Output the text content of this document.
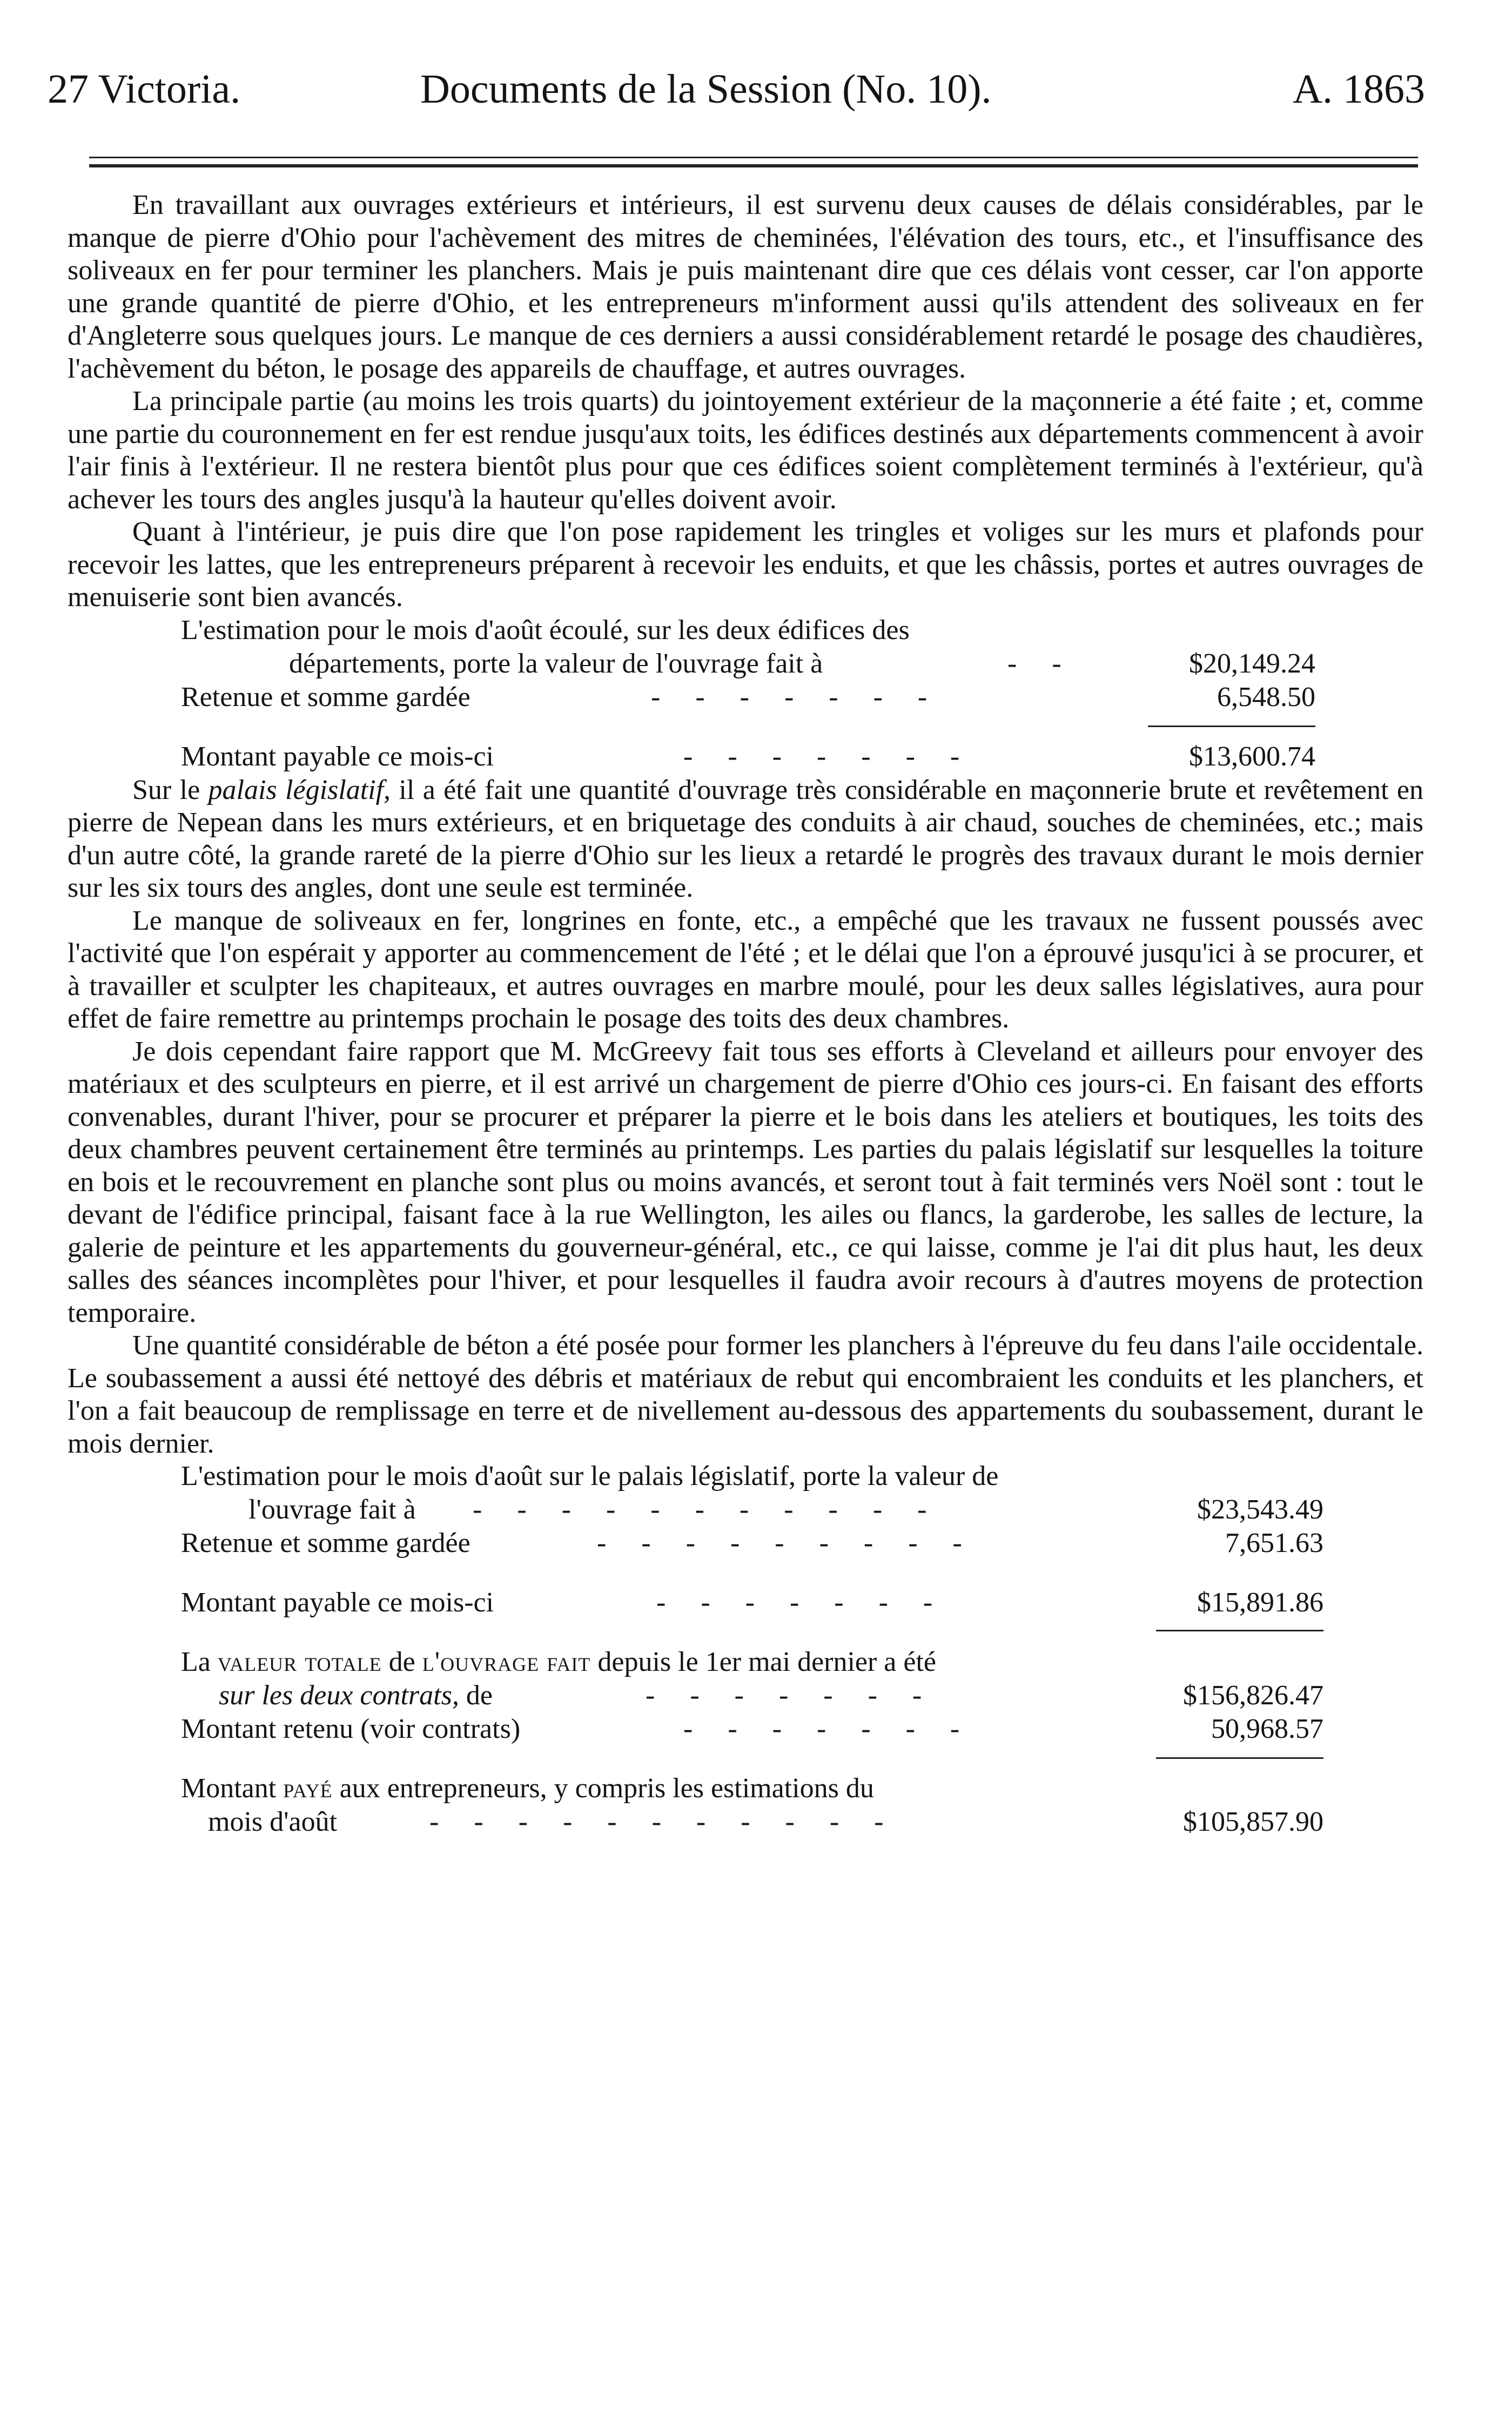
27 Victoria.	Documents de la Session (No. 10).	A. 1863

En travaillant aux ouvrages extérieurs et intérieurs, il est survenu deux causes de délais considérables, par le manque de pierre d'Ohio pour l'achèvement des mitres de cheminées, l'élévation des tours, etc., et l'insuffisance des soliveaux en fer pour terminer les planchers. Mais je puis maintenant dire que ces délais vont cesser, car l'on apporte une grande quantité de pierre d'Ohio, et les entrepreneurs m'informent aussi qu'ils attendent des soliveaux en fer d'Angleterre sous quelques jours. Le manque de ces derniers a aussi considérablement retardé le posage des chaudières, l'achèvement du béton, le posage des appareils de chauffage, et autres ouvrages.

La principale partie (au moins les trois quarts) du jointoyement extérieur de la maçonnerie a été faite ; et, comme une partie du couronnement en fer est rendue jusqu'aux toits, les édifices destinés aux départements commencent à avoir l'air finis à l'extérieur. Il ne restera bientôt plus pour que ces édifices soient complètement terminés à l'extérieur, qu'à achever les tours des angles jusqu'à la hauteur qu'elles doivent avoir.

Quant à l'intérieur, je puis dire que l'on pose rapidement les tringles et voliges sur les murs et plafonds pour recevoir les lattes, que les entrepreneurs préparent à recevoir les enduits, et que les châssis, portes et autres ouvrages de menuiserie sont bien avancés.

L'estimation pour le mois d'août écoulé, sur les deux édifices des
départements, porte la valeur de l'ouvrage fait à	- -	$20,149.24
Retenue et somme gardée	- - - - - - -	6,548.50
Montant payable ce mois-ci	- - - - - - -	$13,600.74

Sur le palais législatif, il a été fait une quantité d'ouvrage très considérable en maçonnerie brute et revêtement en pierre de Nepean dans les murs extérieurs, et en briquetage des conduits à air chaud, souches de cheminées, etc.; mais d'un autre côté, la grande rareté de la pierre d'Ohio sur les lieux a retardé le progrès des travaux durant le mois dernier sur les six tours des angles, dont une seule est terminée.

Le manque de soliveaux en fer, longrines en fonte, etc., a empêché que les travaux ne fussent poussés avec l'activité que l'on espérait y apporter au commencement de l'été ; et le délai que l'on a éprouvé jusqu'ici à se procurer, et à travailler et sculpter les chapiteaux, et autres ouvrages en marbre moulé, pour les deux salles législatives, aura pour effet de faire remettre au printemps prochain le posage des toits des deux chambres.

Je dois cependant faire rapport que M. McGreevy fait tous ses efforts à Cleveland et ailleurs pour envoyer des matériaux et des sculpteurs en pierre, et il est arrivé un chargement de pierre d'Ohio ces jours-ci. En faisant des efforts convenables, durant l'hiver, pour se procurer et préparer la pierre et le bois dans les ateliers et boutiques, les toits des deux chambres peuvent certainement être terminés au printemps. Les parties du palais législatif sur lesquelles la toiture en bois et le recouvrement en planche sont plus ou moins avancés, et seront tout à fait terminés vers Noël sont : tout le devant de l'édifice principal, faisant face à la rue Wellington, les ailes ou flancs, la garderobe, les salles de lecture, la galerie de peinture et les appartements du gouverneur-général, etc., ce qui laisse, comme je l'ai dit plus haut, les deux salles des séances incomplètes pour l'hiver, et pour lesquelles il faudra avoir recours à d'autres moyens de protection temporaire.

Une quantité considérable de béton a été posée pour former les planchers à l'épreuve du feu dans l'aile occidentale. Le soubassement a aussi été nettoyé des débris et matériaux de rebut qui encombraient les conduits et les planchers, et l'on a fait beaucoup de remplissage en terre et de nivellement au-dessous des appartements du soubassement, durant le mois dernier.

L'estimation pour le mois d'août sur le palais législatif, porte la valeur de
l'ouvrage fait à - - - - - - - - - - -	$23,543.49
Retenue et somme gardée	- - - - - - - - -	7,651.63
Montant payable ce mois-ci	- - - - - - -	$15,891.86
La valeur totale de l'ouvrage fait depuis le 1er mai dernier a été
sur les deux contrats, de	- - - - - - -	$156,826.47
Montant retenu (voir contrats)	- - - - - - -	50,968.57
Montant payé aux entrepreneurs, y compris les estimations du
mois d'août	- - - - - - - - - - -	$105,857.90
